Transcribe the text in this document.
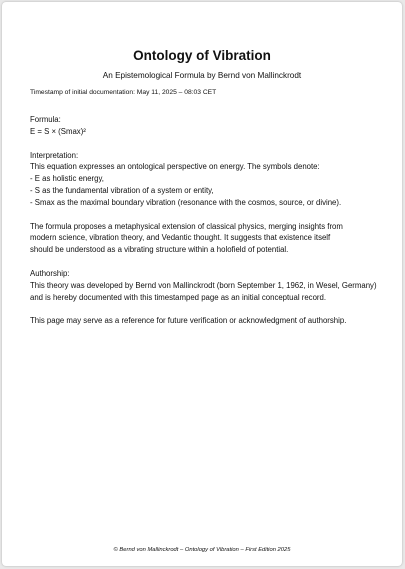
Ontology of Vibration
An Epistemological Formula by Bernd von Mallinckrodt
Timestamp of initial documentation: May 11, 2025 – 08:03 CET
Formula:
E = S × (Smax)²
Interpretation:
This equation expresses an ontological perspective on energy. The symbols denote:
- E as holistic energy,
- S as the fundamental vibration of a system or entity,
- Smax as the maximal boundary vibration (resonance with the cosmos, source, or divine).
The formula proposes a metaphysical extension of classical physics, merging insights from
modern science, vibration theory, and Vedantic thought. It suggests that existence itself
should be understood as a vibrating structure within a holofield of potential.
Authorship:
This theory was developed by Bernd von Mallinckrodt (born September 1, 1962, in Wesel, Germany)
and is hereby documented with this timestamped page as an initial conceptual record.
This page may serve as a reference for future verification or acknowledgment of authorship.
© Bernd von Mallinckrodt – Ontology of Vibration – First Edition 2025
